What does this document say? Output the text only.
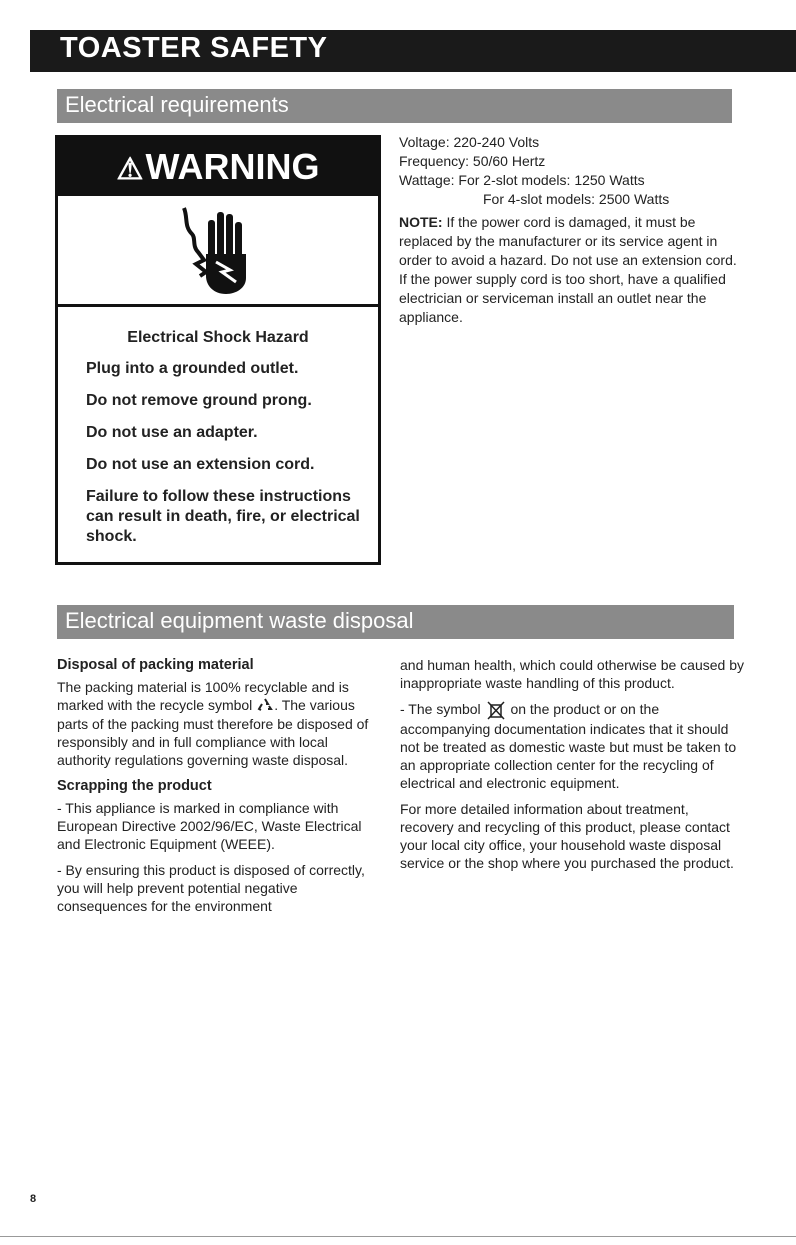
TOASTER SAFETY
Electrical requirements
⚠WARNING
Electrical Shock Hazard
Plug into a grounded outlet.
Do not remove ground prong.
Do not use an adapter.
Do not use an extension cord.
Failure to follow these instructions can result in death, fire, or electrical shock.

Voltage: 220-240 Volts

Frequency: 50/60 Hertz

Wattage: For 2-slot models: 1250 Watts

For 4-slot models: 2500 Watts

NOTE: If the power cord is damaged, it must be replaced by the manufacturer or its service agent in order to avoid a hazard. Do not use an extension cord. If the power supply cord is too short, have a qualified electrician or serviceman install an outlet near the appliance.

Electrical equipment waste disposal
Disposal of packing material

The packing material is 100% recyclable and is marked with the recycle symbol . The various parts of the packing must therefore be disposed of responsibly and in full compliance with local authority regulations governing waste disposal.

Scrapping the product

- This appliance is marked in compliance with European Directive 2002/96/EC, Waste Electrical and Electronic Equipment (WEEE).

- By ensuring this product is disposed of correctly, you will help prevent potential negative consequences for the environment

and human health, which could otherwise be caused by inappropriate waste handling of this product.

- The symbol  on the product or on the accompanying documentation indicates that it should not be treated as domestic waste but must be taken to an appropriate collection center for the recycling of electrical and electronic equipment.

For more detailed information about treatment, recovery and recycling of this product, please contact your local city office, your household waste disposal service or the shop where you purchased the product.

8
